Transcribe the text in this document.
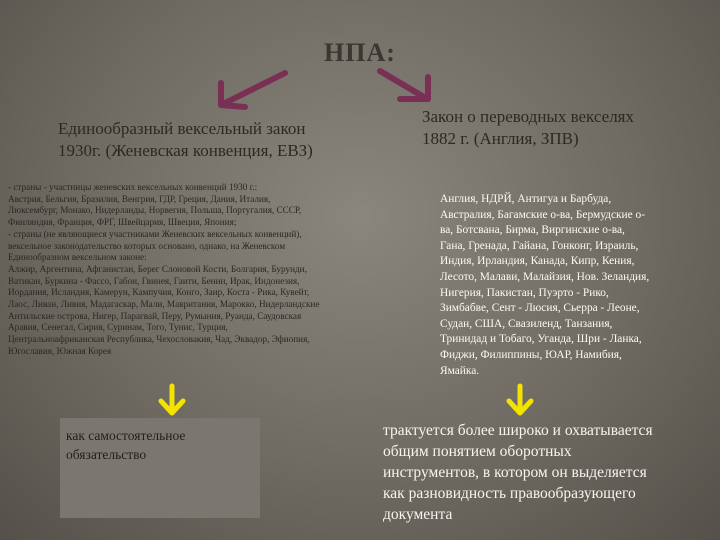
НПА:
Единообразный вексельный закон
1930г. (Женевская конвенция, ЕВЗ)
Закон о переводных векселях
1882 г. (Англия, ЗПВ)
- страны - участницы женевских вексельных конвенций 1930 г.:
Австрия, Бельгия, Бразилия, Венгрия, ГДР, Греция, Дания, Италия,
Люксембург, Монако, Нидерланды, Норвегия, Польша, Португалия, СССР,
Финляндия, Франция, ФРГ, Швейцария, Швеция, Япония;
- страны (не являющиеся участниками Женевских вексельных конвенций),
вексельное законодательство которых основано, однако, на Женевском
Единообразном вексельном законе:
Алжир, Аргентина, Афганистан, Берег Слоновой Кости, Болгария, Бурунди,
Ватикан, Буркина - Фассо, Габон, Гвинея, Гаити, Бенин, Ирак, Индонезия,
Иордания, Исландия, Камерун, Кампучия, Конго, Заир, Коста - Рика, Кувейт,
Лаос, Ливан, Ливия, Мадагаскар, Мали, Мавритания, Марокко, Нидерландские
Антильские острова, Нигер, Парагвай, Перу, Румыния, Руанда, Саудовская
Аравия, Сенегал, Сирия, Суринам, Того, Тунис, Турция,
Центральноафриканская Республика, Чехословакия, Чад, Эквадор, Эфиопия,
Югославия, Южная Корея
Англия, НДРЙ, Антигуа и Барбуда,
Австралия, Багамские о-ва, Бермудские о-
ва, Ботсвана, Бирма, Виргинские о-ва,
Гана, Гренада, Гайана, Гонконг, Израиль,
Индия, Ирландия, Канада, Кипр, Кения,
Лесото, Малави, Малайзия, Нов. Зеландия,
Нигерия, Пакистан, Пуэрто - Рико,
Зимбабве, Сент - Люсия, Сьерра - Леоне,
Судан, США, Свазиленд, Танзания,
Тринидад и Тобаго, Уганда, Шри - Ланка,
Фиджи, Филиппины, ЮАР, Намибия,
Ямайка.
как самостоятельное
обязательство
трактуется более широко и охватывается
общим понятием оборотных
инструментов, в котором он выделяется
как разновидность правообразующего
документа
